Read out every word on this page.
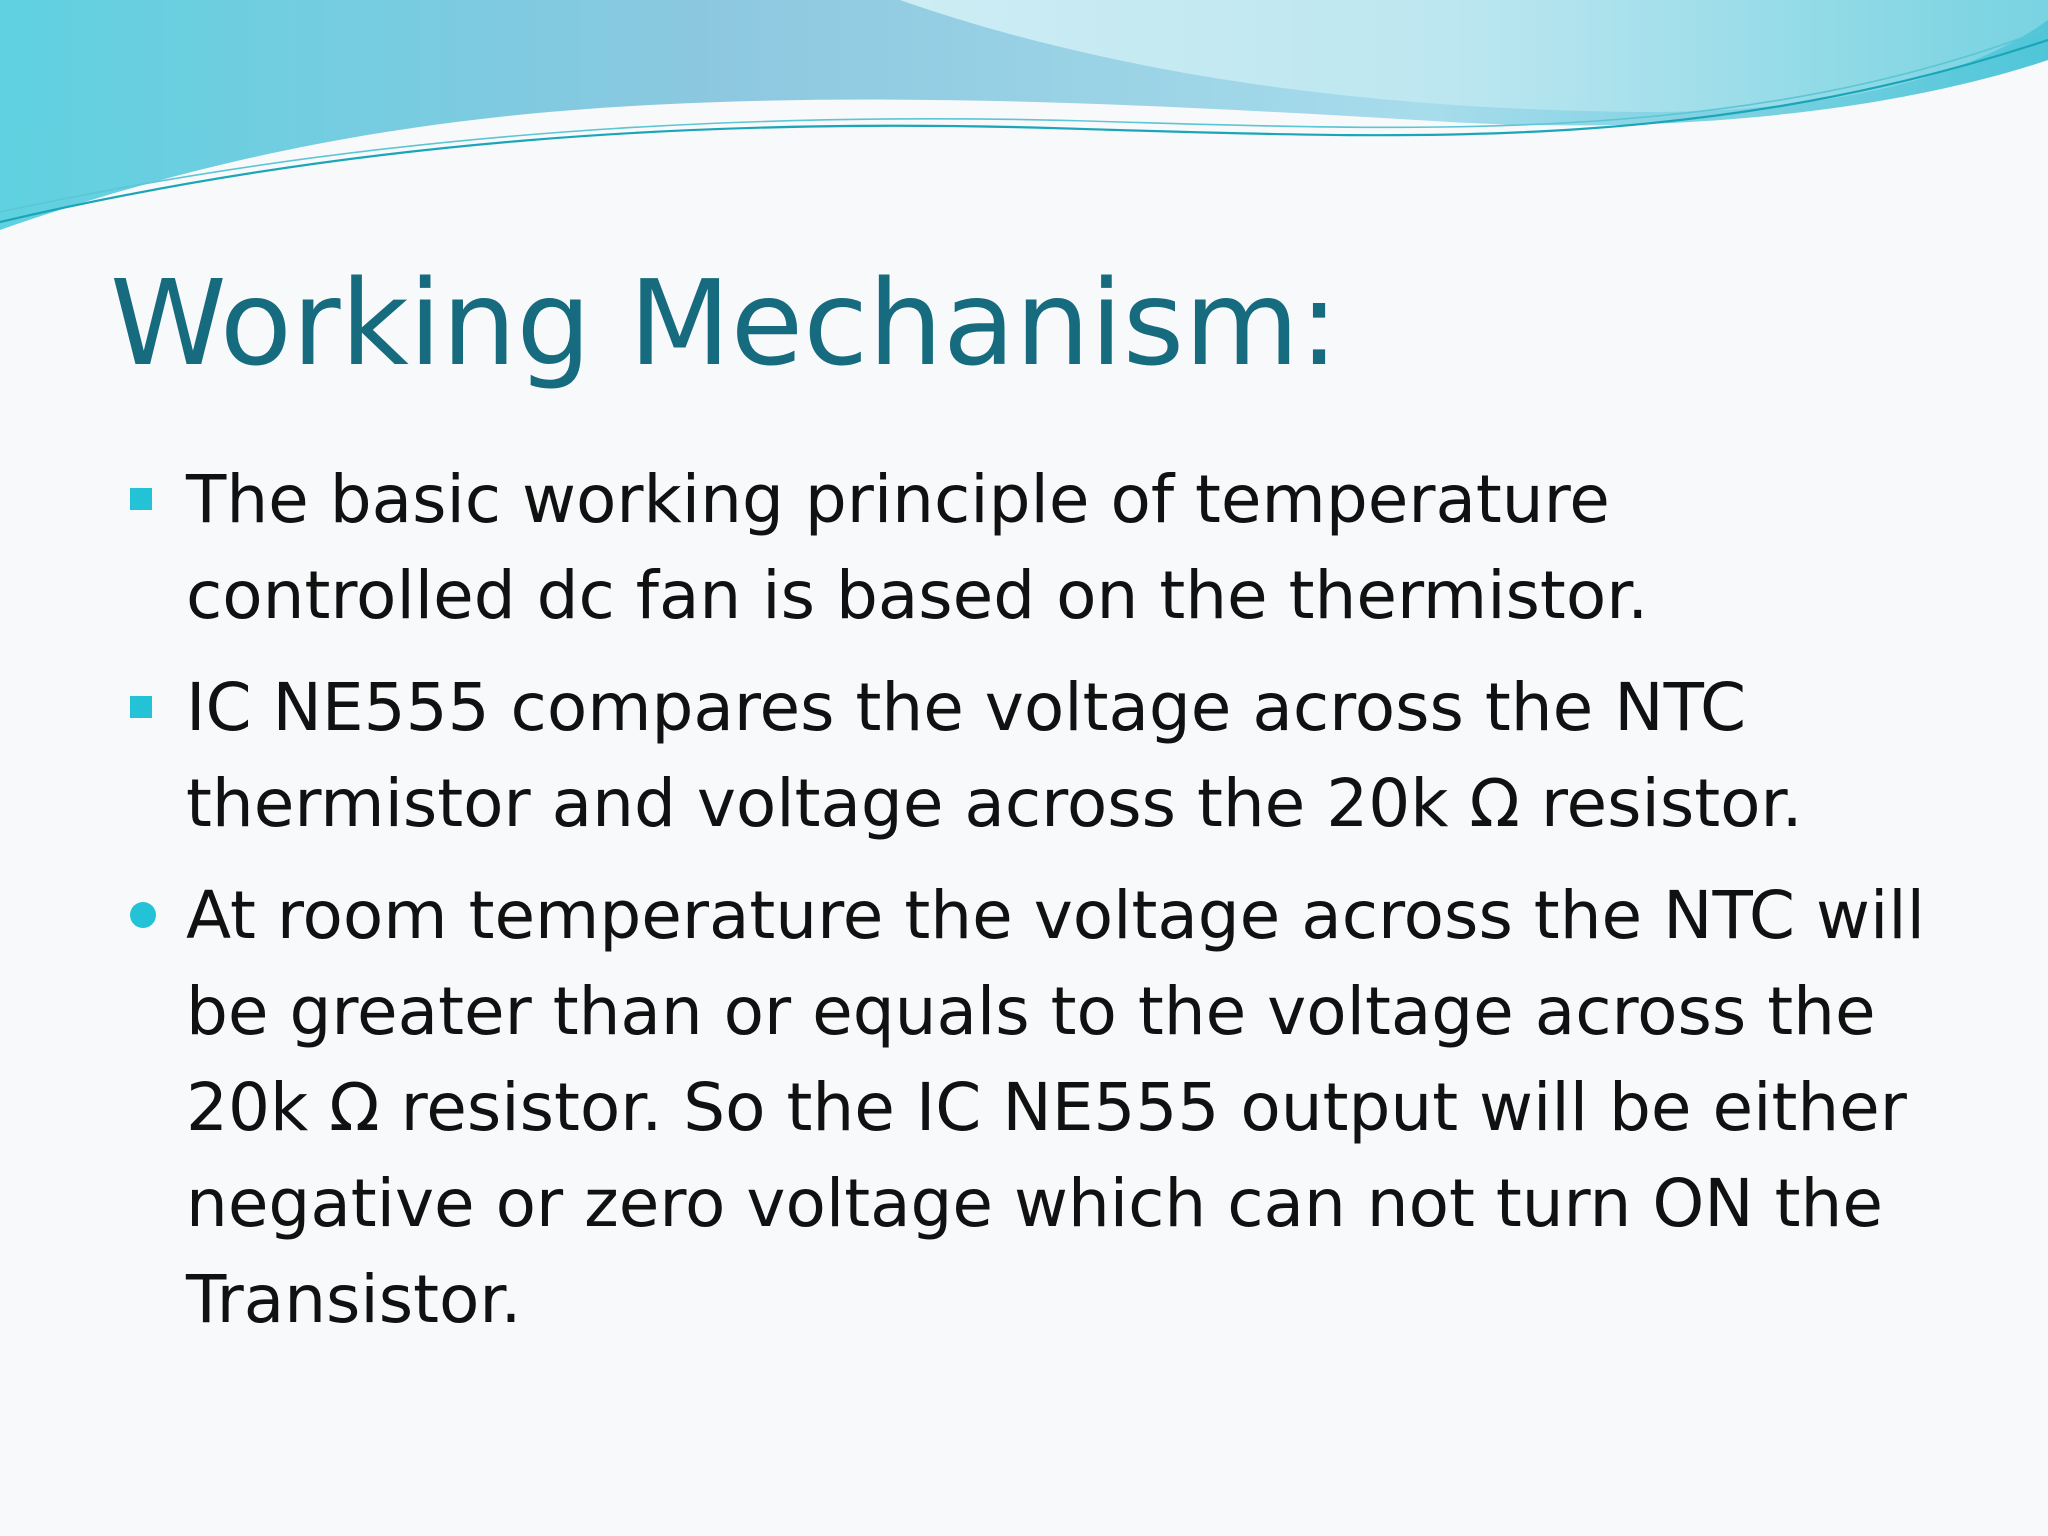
Working Mechanism:
The basic working principle of temperature controlled dc fan is based on the thermistor.
IC NE555 compares the voltage across the NTC thermistor and voltage across the 20k Ω resistor.
At room temperature the voltage across the NTC will be greater than or equals to the voltage across the 20k Ω resistor. So the IC NE555 output will be either negative or zero voltage which can not turn ON the Transistor.
